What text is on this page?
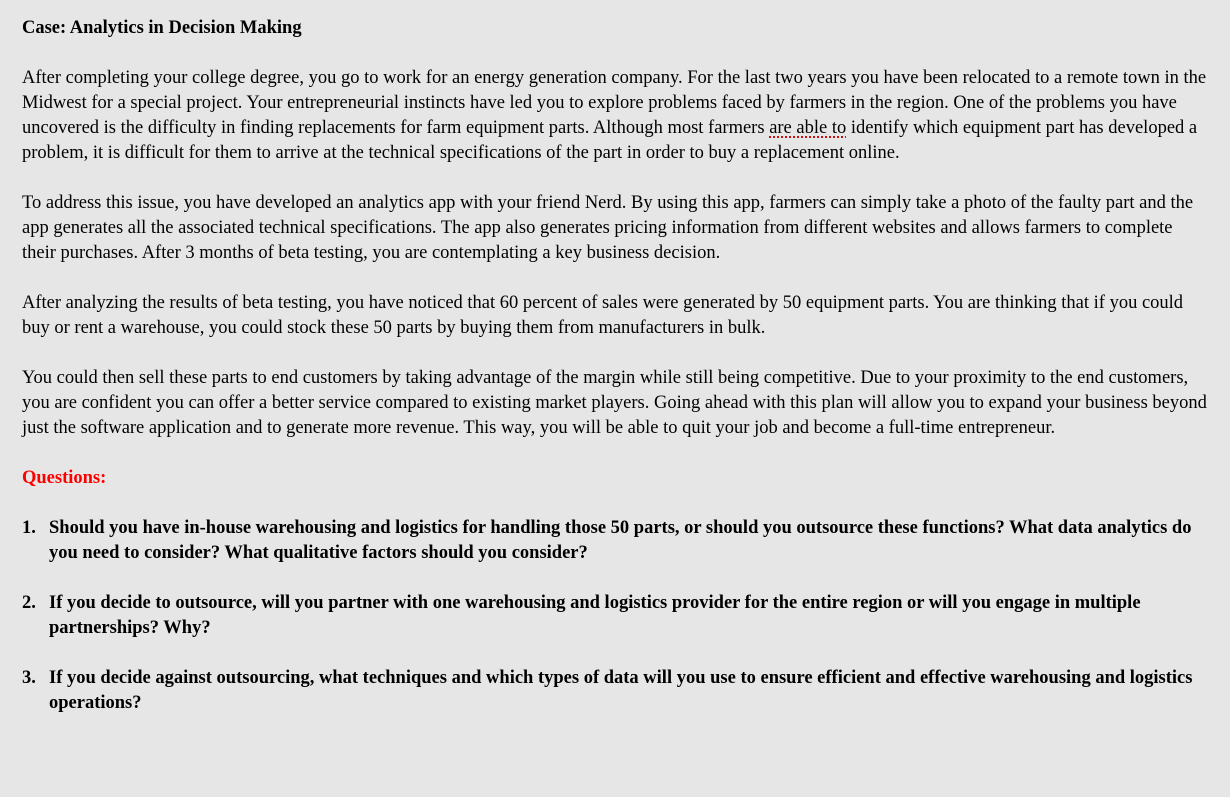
Case: Analytics in Decision Making

After completing your college degree, you go to work for an energy generation company. For the last two years you have been relocated to a remote town in the Midwest for a special project. Your entrepreneurial instincts have led you to explore problems faced by farmers in the region. One of the problems you have uncovered is the difficulty in finding replacements for farm equipment parts. Although most farmers are able to identify which equipment part has developed a problem, it is difficult for them to arrive at the technical specifications of the part in order to buy a replacement online.

To address this issue, you have developed an analytics app with your friend Nerd. By using this app, farmers can simply take a photo of the faulty part and the app generates all the associated technical specifications. The app also generates pricing information from different websites and allows farmers to complete their purchases. After 3 months of beta testing, you are contemplating a key business decision.

After analyzing the results of beta testing, you have noticed that 60 percent of sales were generated by 50 equipment parts. You are thinking that if you could buy or rent a warehouse, you could stock these 50 parts by buying them from manufacturers in bulk.

You could then sell these parts to end customers by taking advantage of the margin while still being competitive. Due to your proximity to the end customers, you are confident you can offer a better service compared to existing market players. Going ahead with this plan will allow you to expand your business beyond just the software application and to generate more revenue. This way, you will be able to quit your job and become a full-time entrepreneur.

Questions:
1. Should you have in-house warehousing and logistics for handling those 50 parts, or should you outsource these functions? What data analytics do you need to consider? What qualitative factors should you consider?
2. If you decide to outsource, will you partner with one warehousing and logistics provider for the entire region or will you engage in multiple partnerships? Why?
3. If you decide against outsourcing, what techniques and which types of data will you use to ensure efficient and effective warehousing and logistics operations?
